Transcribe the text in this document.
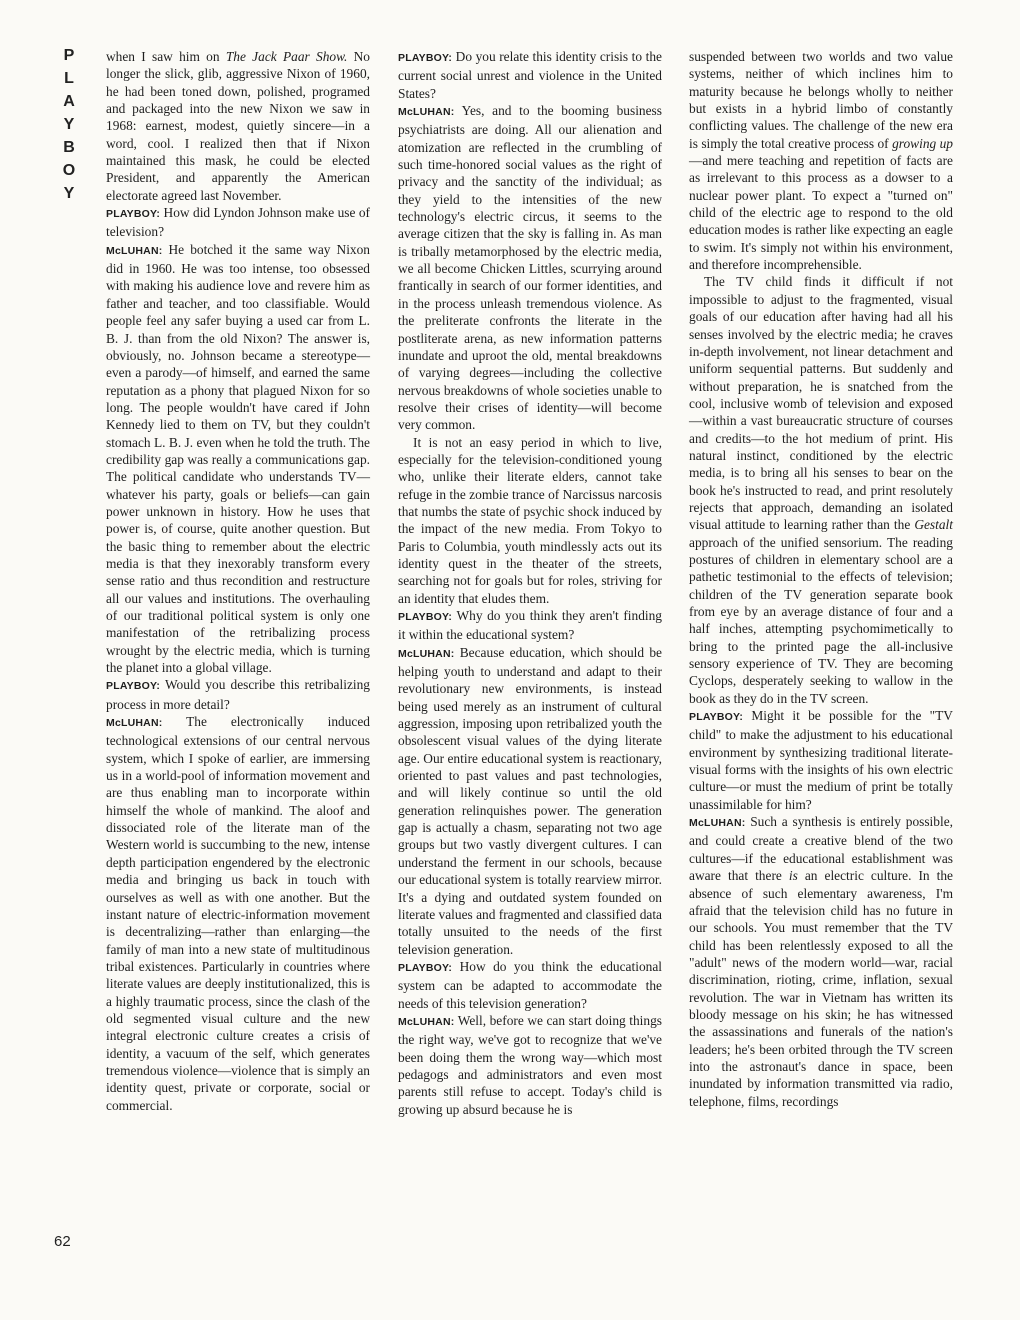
P
L
A
Y
B
O
Y

when I saw him on The Jack Paar Show. No longer the slick, glib, aggressive Nixon of 1960, he had been toned down, polished, programed and packaged into the new Nixon we saw in 1968: earnest, modest, quietly sincere—in a word, cool. I realized then that if Nixon maintained this mask, he could be elected President, and apparently the American electorate agreed last November.

PLAYBOY: How did Lyndon Johnson make use of television?

McLUHAN: He botched it the same way Nixon did in 1960. He was too intense, too obsessed with making his audience love and revere him as father and teacher, and too classifiable. Would people feel any safer buying a used car from L. B. J. than from the old Nixon? The answer is, obviously, no. Johnson became a stereotype—even a parody—of himself, and earned the same reputation as a phony that plagued Nixon for so long. The people wouldn't have cared if John Kennedy lied to them on TV, but they couldn't stomach L. B. J. even when he told the truth. The credibility gap was really a communications gap. The political candidate who understands TV—whatever his party, goals or beliefs—can gain power unknown in history. How he uses that power is, of course, quite another question. But the basic thing to remember about the electric media is that they inexorably transform every sense ratio and thus recondition and restructure all our values and institutions. The overhauling of our traditional political system is only one manifestation of the retribalizing process wrought by the electric media, which is turning the planet into a global village.

PLAYBOY: Would you describe this retribalizing process in more detail?

McLUHAN: The electronically induced technological extensions of our central nervous system, which I spoke of earlier, are immersing us in a world-pool of information movement and are thus enabling man to incorporate within himself the whole of mankind. The aloof and dissociated role of the literate man of the Western world is succumbing to the new, intense depth participation engendered by the electronic media and bringing us back in touch with ourselves as well as with one another. But the instant nature of electric-information movement is decentralizing—rather than enlarging—the family of man into a new state of multitudinous tribal existences. Particularly in countries where literate values are deeply institutionalized, this is a highly traumatic process, since the clash of the old segmented visual culture and the new integral electronic culture creates a crisis of identity, a vacuum of the self, which generates tremendous violence—violence that is simply an identity quest, private or corporate, social or commercial.

PLAYBOY: Do you relate this identity crisis to the current social unrest and violence in the United States?

McLUHAN: Yes, and to the booming business psychiatrists are doing. All our alienation and atomization are reflected in the crumbling of such time-honored social values as the right of privacy and the sanctity of the individual; as they yield to the intensities of the new technology's electric circus, it seems to the average citizen that the sky is falling in. As man is tribally metamorphosed by the electric media, we all become Chicken Littles, scurrying around frantically in search of our former identities, and in the process unleash tremendous violence. As the preliterate confronts the literate in the postliterate arena, as new information patterns inundate and uproot the old, mental breakdowns of varying degrees—including the collective nervous breakdowns of whole societies unable to resolve their crises of identity—will become very common.

It is not an easy period in which to live, especially for the television-conditioned young who, unlike their literate elders, cannot take refuge in the zombie trance of Narcissus narcosis that numbs the state of psychic shock induced by the impact of the new media. From Tokyo to Paris to Columbia, youth mindlessly acts out its identity quest in the theater of the streets, searching not for goals but for roles, striving for an identity that eludes them.

PLAYBOY: Why do you think they aren't finding it within the educational system?

McLUHAN: Because education, which should be helping youth to understand and adapt to their revolutionary new environments, is instead being used merely as an instrument of cultural aggression, imposing upon retribalized youth the obsolescent visual values of the dying literate age. Our entire educational system is reactionary, oriented to past values and past technologies, and will likely continue so until the old generation relinquishes power. The generation gap is actually a chasm, separating not two age groups but two vastly divergent cultures. I can understand the ferment in our schools, because our educational system is totally rearview mirror. It's a dying and outdated system founded on literate values and fragmented and classified data totally unsuited to the needs of the first television generation.

PLAYBOY: How do you think the educational system can be adapted to accommodate the needs of this television generation?

McLUHAN: Well, before we can start doing things the right way, we've got to recognize that we've been doing them the wrong way—which most pedagogs and administrators and even most parents still refuse to accept. Today's child is growing up absurd because he is

suspended between two worlds and two value systems, neither of which inclines him to maturity because he belongs wholly to neither but exists in a hybrid limbo of constantly conflicting values. The challenge of the new era is simply the total creative process of growing up—and mere teaching and repetition of facts are as irrelevant to this process as a dowser to a nuclear power plant. To expect a "turned on" child of the electric age to respond to the old education modes is rather like expecting an eagle to swim. It's simply not within his environment, and therefore incomprehensible.

The TV child finds it difficult if not impossible to adjust to the fragmented, visual goals of our education after having had all his senses involved by the electric media; he craves in-depth involvement, not linear detachment and uniform sequential patterns. But suddenly and without preparation, he is snatched from the cool, inclusive womb of television and exposed—within a vast bureaucratic structure of courses and credits—to the hot medium of print. His natural instinct, conditioned by the electric media, is to bring all his senses to bear on the book he's instructed to read, and print resolutely rejects that approach, demanding an isolated visual attitude to learning rather than the Gestalt approach of the unified sensorium. The reading postures of children in elementary school are a pathetic testimonial to the effects of television; children of the TV generation separate book from eye by an average distance of four and a half inches, attempting psychomimetically to bring to the printed page the all-inclusive sensory experience of TV. They are becoming Cyclops, desperately seeking to wallow in the book as they do in the TV screen.

PLAYBOY: Might it be possible for the "TV child" to make the adjustment to his educational environment by synthesizing traditional literate-visual forms with the insights of his own electric culture—or must the medium of print be totally unassimilable for him?

McLUHAN: Such a synthesis is entirely possible, and could create a creative blend of the two cultures—if the educational establishment was aware that there is an electric culture. In the absence of such elementary awareness, I'm afraid that the television child has no future in our schools. You must remember that the TV child has been relentlessly exposed to all the "adult" news of the modern world—war, racial discrimination, rioting, crime, inflation, sexual revolution. The war in Vietnam has written its bloody message on his skin; he has witnessed the assassinations and funerals of the nation's leaders; he's been orbited through the TV screen into the astronaut's dance in space, been inundated by information transmitted via radio, telephone, films, recordings

62
